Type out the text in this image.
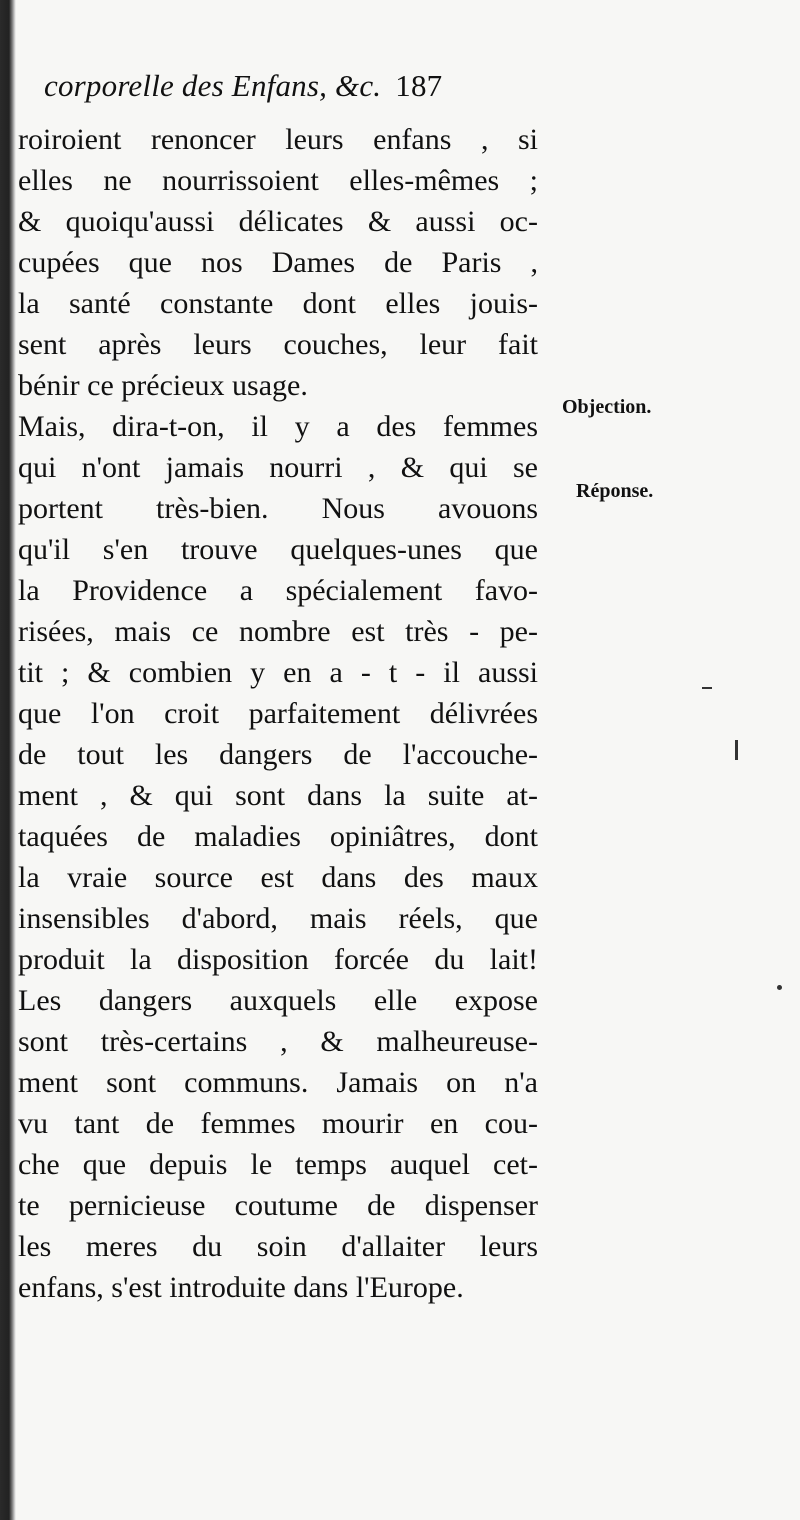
corporelle des Enfans, &c. 187
roiroient renoncer leurs enfans , si
elles ne nourrissoient elles-mêmes ;
& quoiqu'aussi délicates & aussi oc-
cupées que nos Dames de Paris ,
la santé constante dont elles jouis-
sent après leurs couches, leur fait
bénir ce précieux usage.
Mais, dira-t-on, il y a des femmes
qui n'ont jamais nourri , & qui se
portent très-bien. Nous avouons
qu'il s'en trouve quelques-unes que
la Providence a spécialement favo-
risées, mais ce nombre est très - pe-
tit ; & combien y en a - t - il aussi
que l'on croit parfaitement délivrées
de tout les dangers de l'accouche-
ment , & qui sont dans la suite at-
taquées de maladies opiniâtres, dont
la vraie source est dans des maux
insensibles d'abord, mais réels, que
produit la disposition forcée du lait!
Les dangers auxquels elle expose
sont très-certains , & malheureuse-
ment sont communs. Jamais on n'a
vu tant de femmes mourir en cou-
che que depuis le temps auquel cet-
te pernicieuse coutume de dispenser
les meres du soin d'allaiter leurs
enfans, s'est introduite dans l'Europe.
Objection.
Réponse.
